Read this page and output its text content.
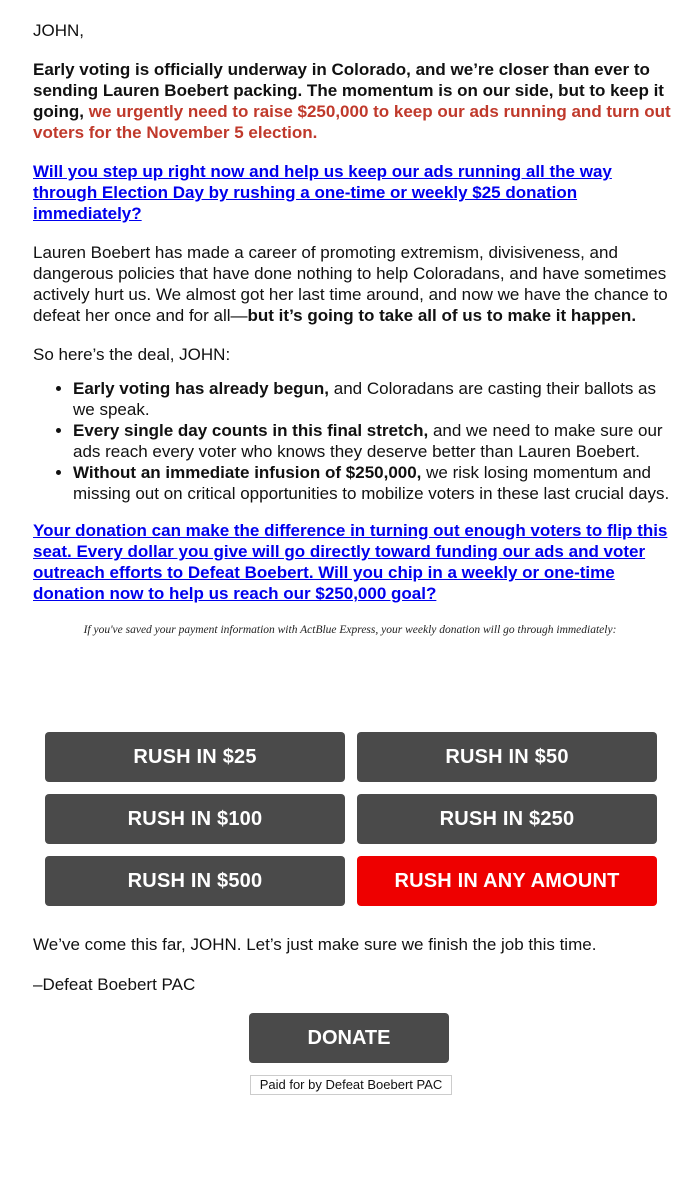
JOHN,

Early voting is officially underway in Colorado, and we’re closer than ever to sending Lauren Boebert packing. The momentum is on our side, but to keep it going, we urgently need to raise $250,000 to keep our ads running and turn out voters for the November 5 election.

Will you step up right now and help us keep our ads running all the way through Election Day by rushing a one-time or weekly $25 donation immediately?

Lauren Boebert has made a career of promoting extremism, divisiveness, and dangerous policies that have done nothing to help Coloradans, and have sometimes actively hurt us. We almost got her last time around, and now we have the chance to defeat her once and for all—but it’s going to take all of us to make it happen.

So here’s the deal, JOHN:

• Early voting has already begun, and Coloradans are casting their ballots as we speak.
• Every single day counts in this final stretch, and we need to make sure our ads reach every voter who knows they deserve better than Lauren Boebert.
• Without an immediate infusion of $250,000, we risk losing momentum and missing out on critical opportunities to mobilize voters in these last crucial days.

Your donation can make the difference in turning out enough voters to flip this seat. Every dollar you give will go directly toward funding our ads and voter outreach efforts to Defeat Boebert. Will you chip in a weekly or one-time donation now to help us reach our $250,000 goal?

If you've saved your payment information with ActBlue Express, your weekly donation will go through immediately:

RUSH IN $25	RUSH IN $50
RUSH IN $100	RUSH IN $250
RUSH IN $500	RUSH IN ANY AMOUNT

We’ve come this far, JOHN. Let’s just make sure we finish the job this time.

–Defeat Boebert PAC

DONATE
Paid for by Defeat Boebert PAC
